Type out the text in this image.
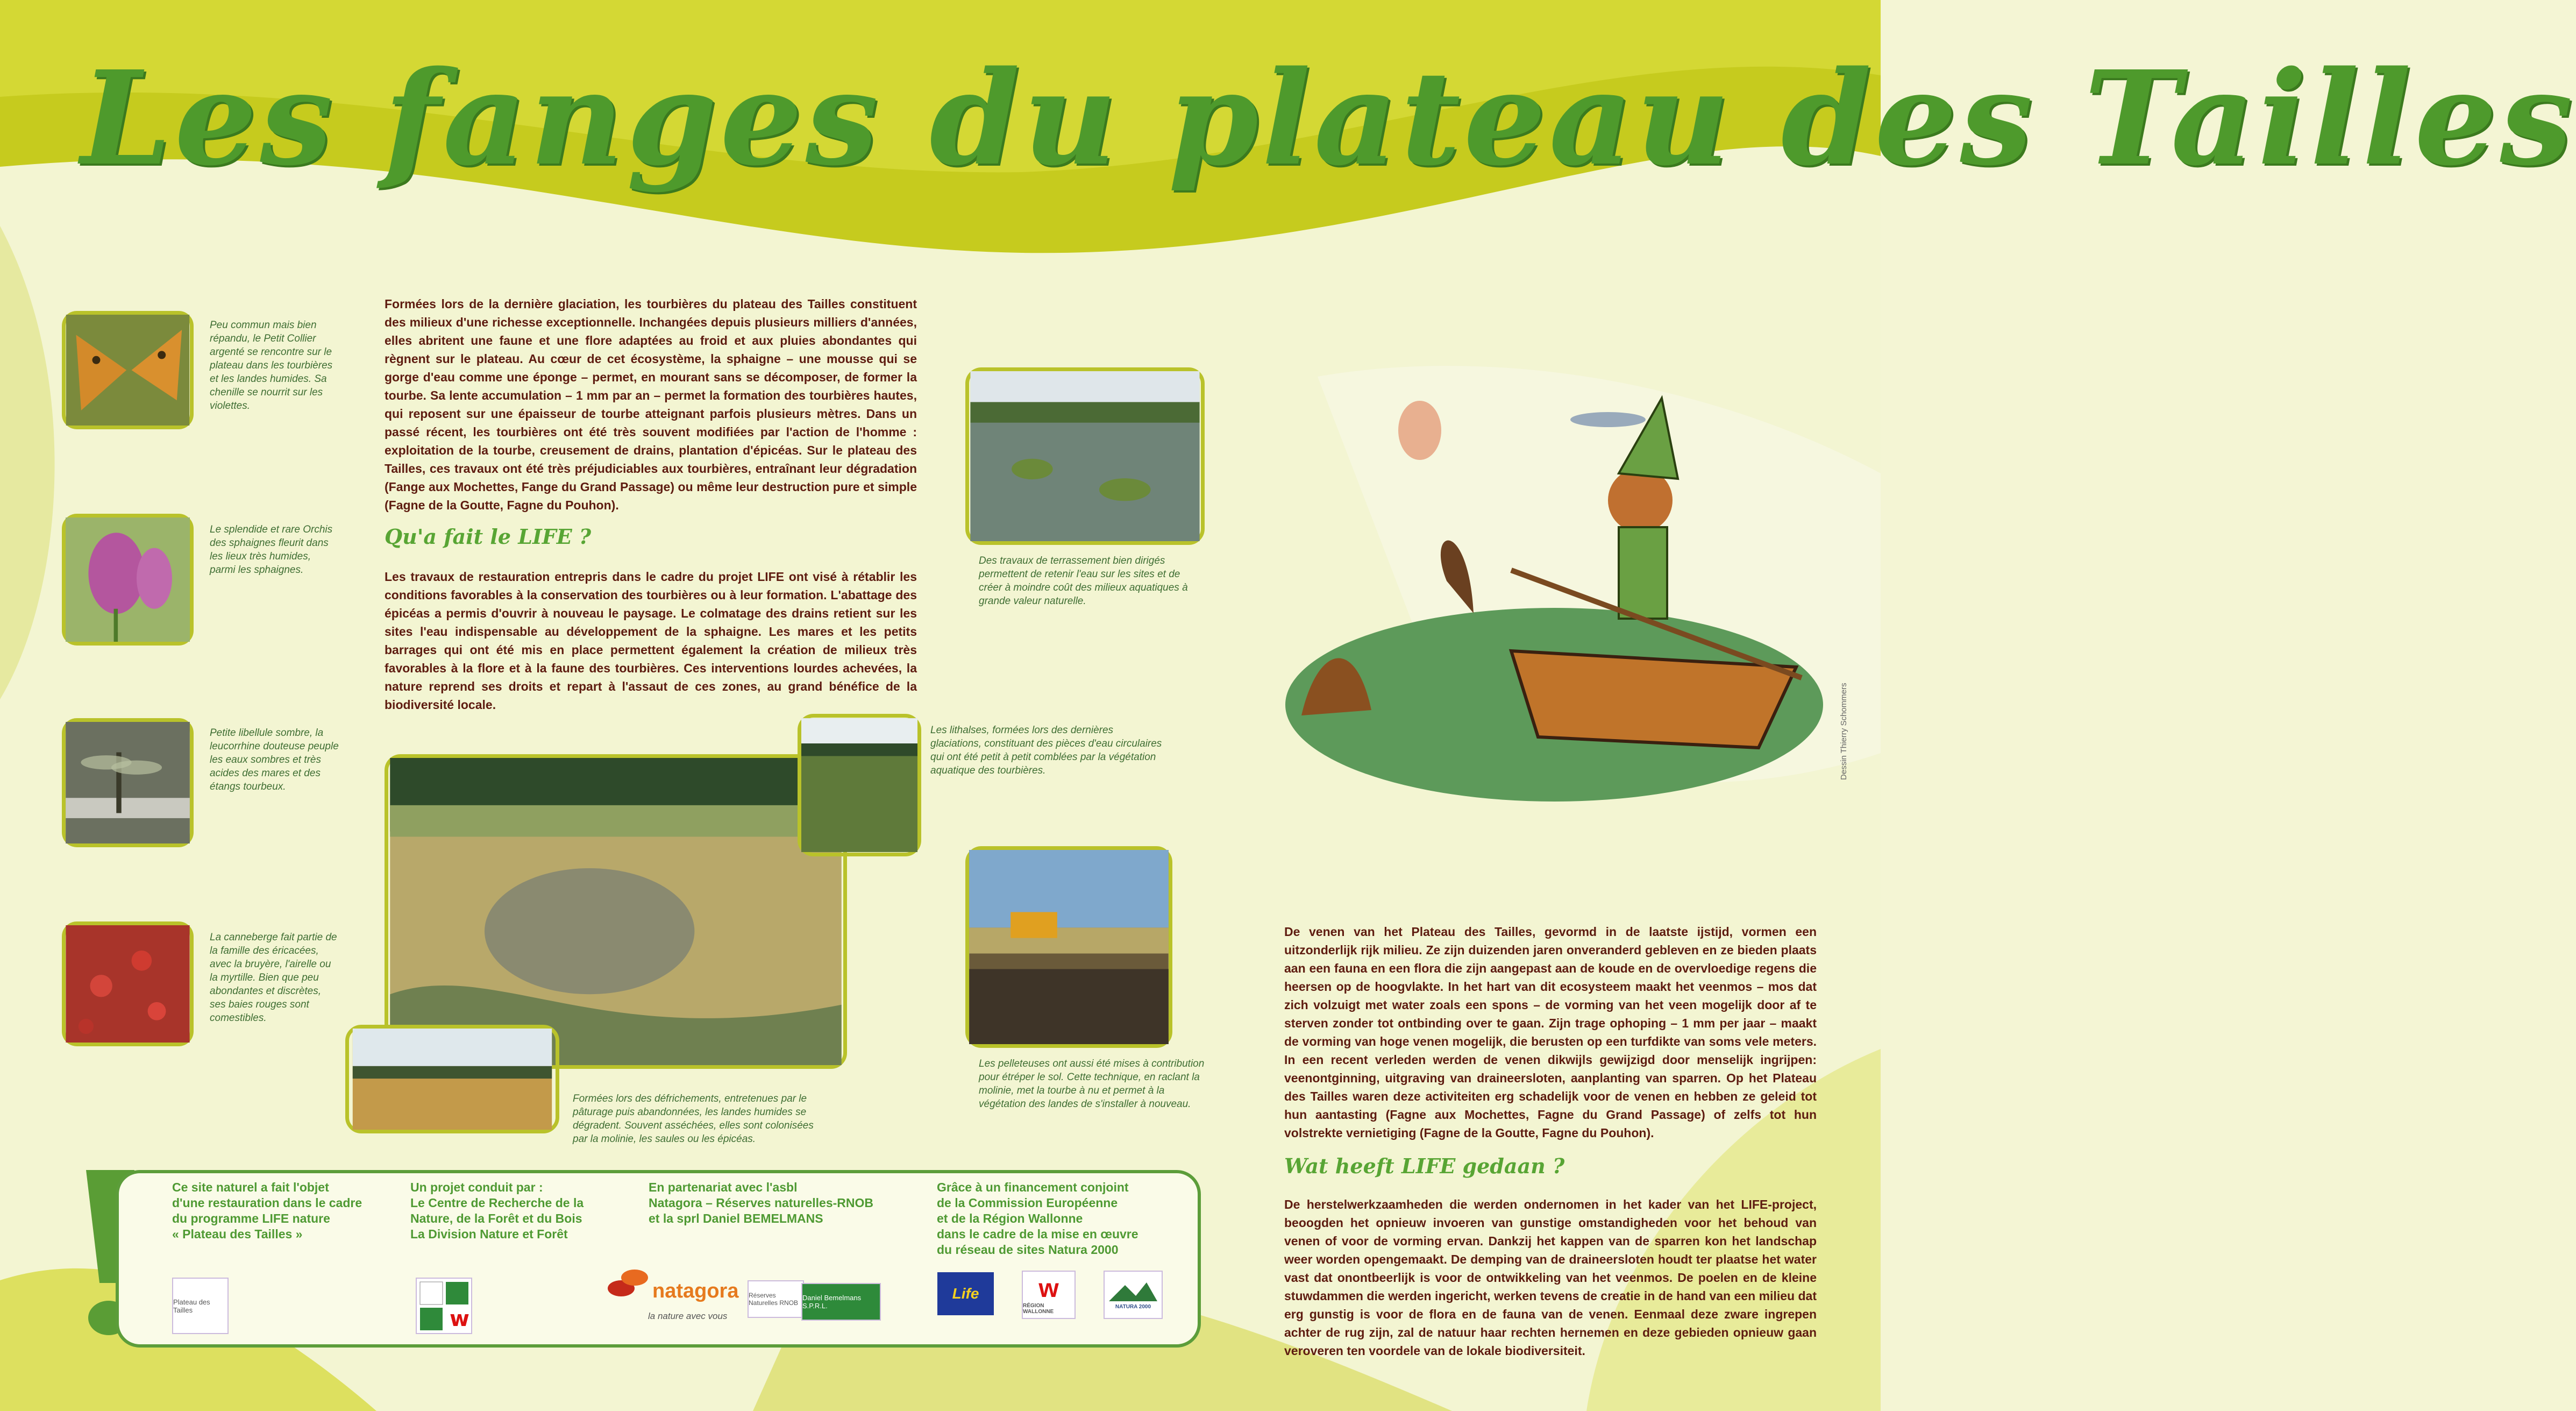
Les fanges du plateau des Tailles
Peu commun mais bien répandu, le Petit Collier argenté se rencontre sur le plateau dans les tourbières et les landes humides. Sa chenille se nourrit sur les violettes.
Le splendide et rare Orchis des sphaignes fleurit dans les lieux très humides, parmi les sphaignes.
Petite libellule sombre, la leucorrhine douteuse peuple les eaux sombres et très acides des mares et des étangs tourbeux.
La canneberge fait partie de la famille des éricacées, avec la bruyère, l'airelle ou la myrtille. Bien que peu abondantes et discrètes, ses baies rouges sont comestibles.
Formées lors de la dernière glaciation, les tourbières du plateau des Tailles constituent des milieux d'une richesse exceptionnelle. Inchangées depuis plusieurs milliers d'années, elles abritent une faune et une flore adaptées au froid et aux pluies abondantes qui règnent sur le plateau. Au cœur de cet écosystème, la sphaigne – une mousse qui se gorge d'eau comme une éponge – permet, en mourant sans se décomposer, de former la tourbe. Sa lente accumulation – 1 mm par an – permet la formation des tourbières hautes, qui reposent sur une épaisseur de tourbe atteignant parfois plusieurs mètres. Dans un passé récent, les tourbières ont été très souvent modifiées par l'action de l'homme : exploitation de la tourbe, creusement de drains, plantation d'épicéas. Sur le plateau des Tailles, ces travaux ont été très préjudiciables aux tourbières, entraînant leur dégradation (Fange aux Mochettes, Fange du Grand Passage) ou même leur destruction pure et simple (Fagne de la Goutte, Fagne du Pouhon).
Qu'a fait le LIFE ?
Les travaux de restauration entrepris dans le cadre du projet LIFE ont visé à rétablir les conditions favorables à la conservation des tourbières ou à leur formation. L'abattage des épicéas a permis d'ouvrir à nouveau le paysage. Le colmatage des drains retient sur les sites l'eau indispensable au développement de la sphaigne. Les mares et les petits barrages qui ont été mis en place permettent également la création de milieux très favorables à la flore et à la faune des tourbières. Ces interventions lourdes achevées, la nature reprend ses droits et repart à l'assaut de ces zones, au grand bénéfice de la biodiversité locale.
Des travaux de terrassement bien dirigés permettent de retenir l'eau sur les sites et de créer à moindre coût des milieux aquatiques à grande valeur naturelle.
Les lithalses, formées lors des dernières glaciations, constituant des pièces d'eau circulaires qui ont été petit à petit comblées par la végétation aquatique des tourbières.
Formées lors des défrichements, entretenues par le pâturage puis abandonnées, les landes humides se dégradent. Souvent asséchées, elles sont colonisées par la molinie, les saules ou les épicéas.
Les pelleteuses ont aussi été mises à contribution pour étréper le sol. Cette technique, en raclant la molinie, met la tourbe à nu et permet à la végétation des landes de s'installer à nouveau.
Dessin Thierry Schommers
De venen van het Plateau des Tailles, gevormd in de laatste ijstijd, vormen een uitzonderlijk rijk milieu. Ze zijn duizenden jaren onveranderd gebleven en ze bieden plaats aan een fauna en een flora die zijn aangepast aan de koude en de overvloedige regens die heersen op de hoogvlakte. In het hart van dit ecosysteem maakt het veenmos – mos dat zich volzuigt met water zoals een spons – de vorming van het veen mogelijk door af te sterven zonder tot ontbinding over te gaan. Zijn trage ophoping – 1 mm per jaar – maakt de vorming van hoge venen mogelijk, die berusten op een turfdikte van soms vele meters. In een recent verleden werden de venen dikwijls gewijzigd door menselijk ingrijpen: veenontginning, uitgraving van draineersloten, aanplanting van sparren. Op het Plateau des Tailles waren deze activiteiten erg schadelijk voor de venen en hebben ze geleid tot hun aantasting (Fagne aux Mochettes, Fagne du Grand Passage) of zelfs tot hun volstrekte vernietiging (Fagne de la Goutte, Fagne du Pouhon).
Wat heeft LIFE gedaan ?
De herstelwerkzaamheden die werden ondernomen in het kader van het LIFE-project, beoogden het opnieuw invoeren van gunstige omstandigheden voor het behoud van venen of voor de vorming ervan. Dankzij het kappen van de sparren kon het landschap weer worden opengemaakt. De demping van de draineersloten houdt ter plaatse het water vast dat onontbeerlijk is voor de ontwikkeling van het veenmos. De poelen en de kleine stuwdammen die werden ingericht, werken tevens de creatie in de hand van een milieu dat erg gunstig is voor de flora en de fauna van de venen. Eenmaal deze zware ingrepen achter de rug zijn, zal de natuur haar rechten hernemen en deze gebieden opnieuw gaan veroveren ten voordele van de lokale biodiversiteit.
Ce site naturel a fait l'objet
d'une restauration dans le cadre
du programme LIFE nature
« Plateau des Tailles »
Un projet conduit par :
Le Centre de Recherche de la
Nature, de la Forêt et du Bois
La Division Nature et Forêt
En partenariat avec l'asbl
Natagora – Réserves naturelles-RNOB
et la sprl Daniel BEMELMANS
Grâce à un financement conjoint
de la Commission Européenne
et de la Région Wallonne
dans le cadre de la mise en œuvre
du réseau de sites Natura 2000
Plateau des Tailles	w
natagora
la nature avec vous
Réserves Naturelles RNOB
Daniel Bemelmans S.P.R.L.
Life w
RÉGION WALLONNE
NATURA 2000
